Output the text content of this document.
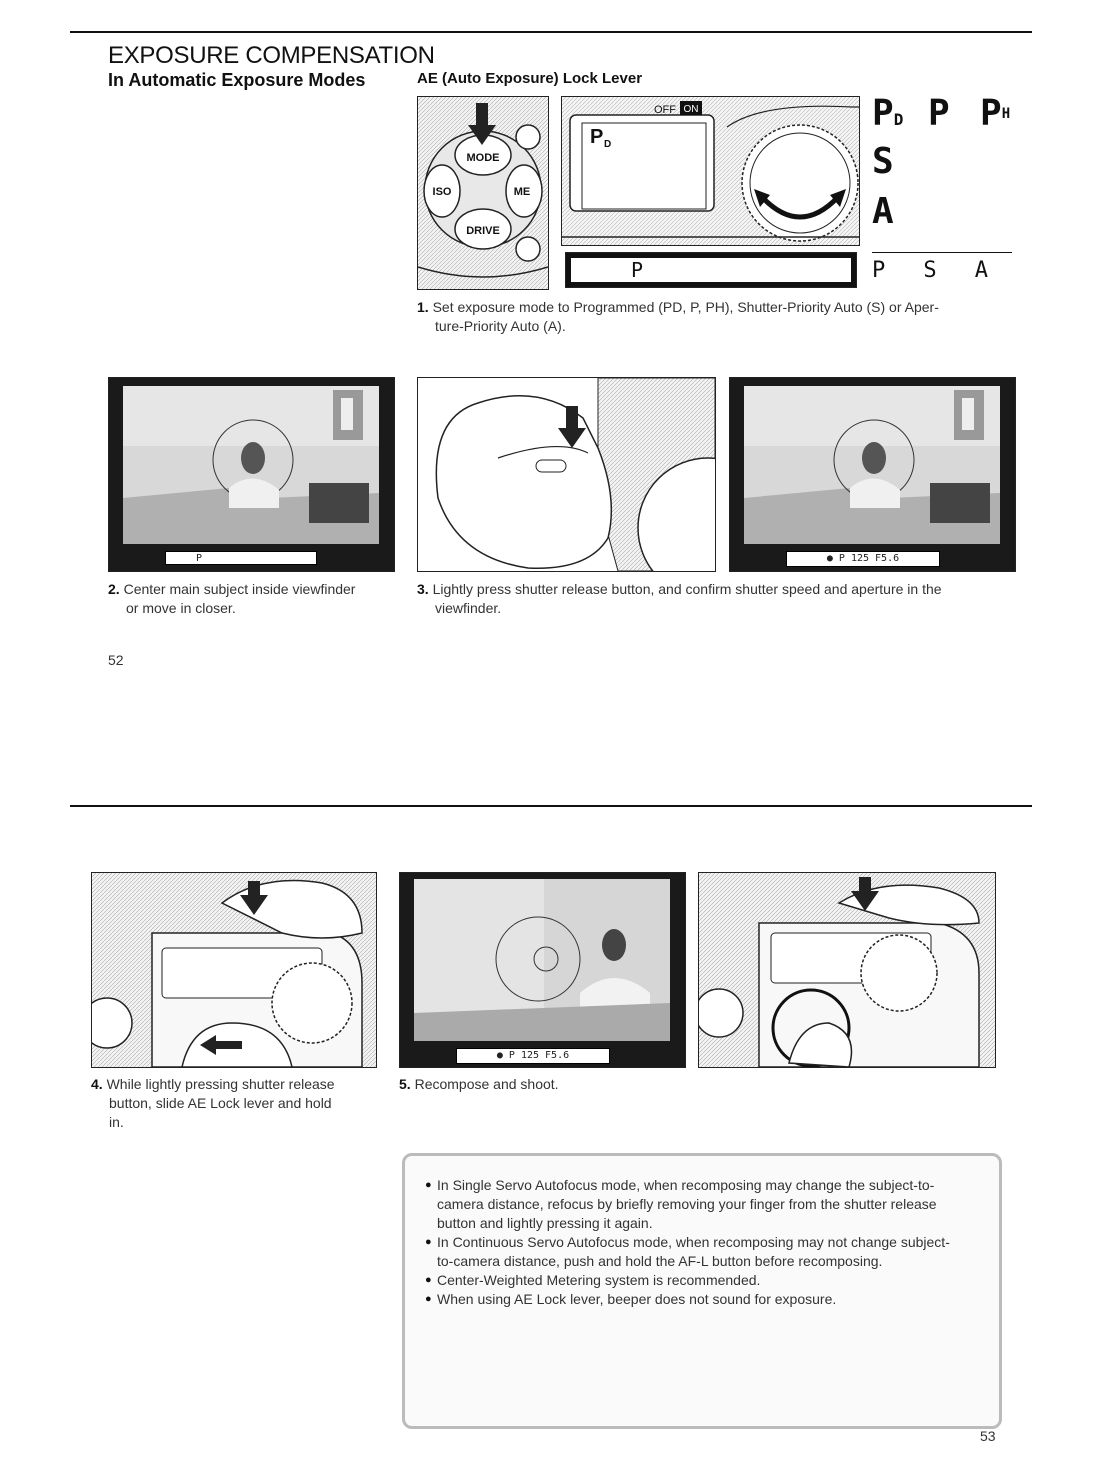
EXPOSURE COMPENSATION
In Automatic Exposure Modes	AE (Auto Exposure) Lock Lever
MODE
ISO	ME
DRIVE
OFF ON
P D
P
PD P $P^H$
S
A
P S A
1. Set exposure mode to Programmed (PD, P, PH), Shutter-Priority Auto (S) or Aper-
ture-Priority Auto (A).
P	● P 125 F5.6
2. Center main subject inside viewfinder
or move in closer.
3. Lightly press shutter release button, and confirm shutter speed and aperture in the
viewfinder.
52
● P 125 F5.6
4. While lightly pressing shutter release
button, slide AE Lock lever and hold
in.
5. Recompose and shoot.
● In Single Servo Autofocus mode, when recomposing may change the subject-to-camera distance, refocus by briefly removing your finger from the shutter release button and lightly pressing it again.
● In Continuous Servo Autofocus mode, when recomposing may not change subject-to-camera distance, push and hold the AF-L button before recomposing.
● Center-Weighted Metering system is recommended.
● When using AE Lock lever, beeper does not sound for exposure.
53
